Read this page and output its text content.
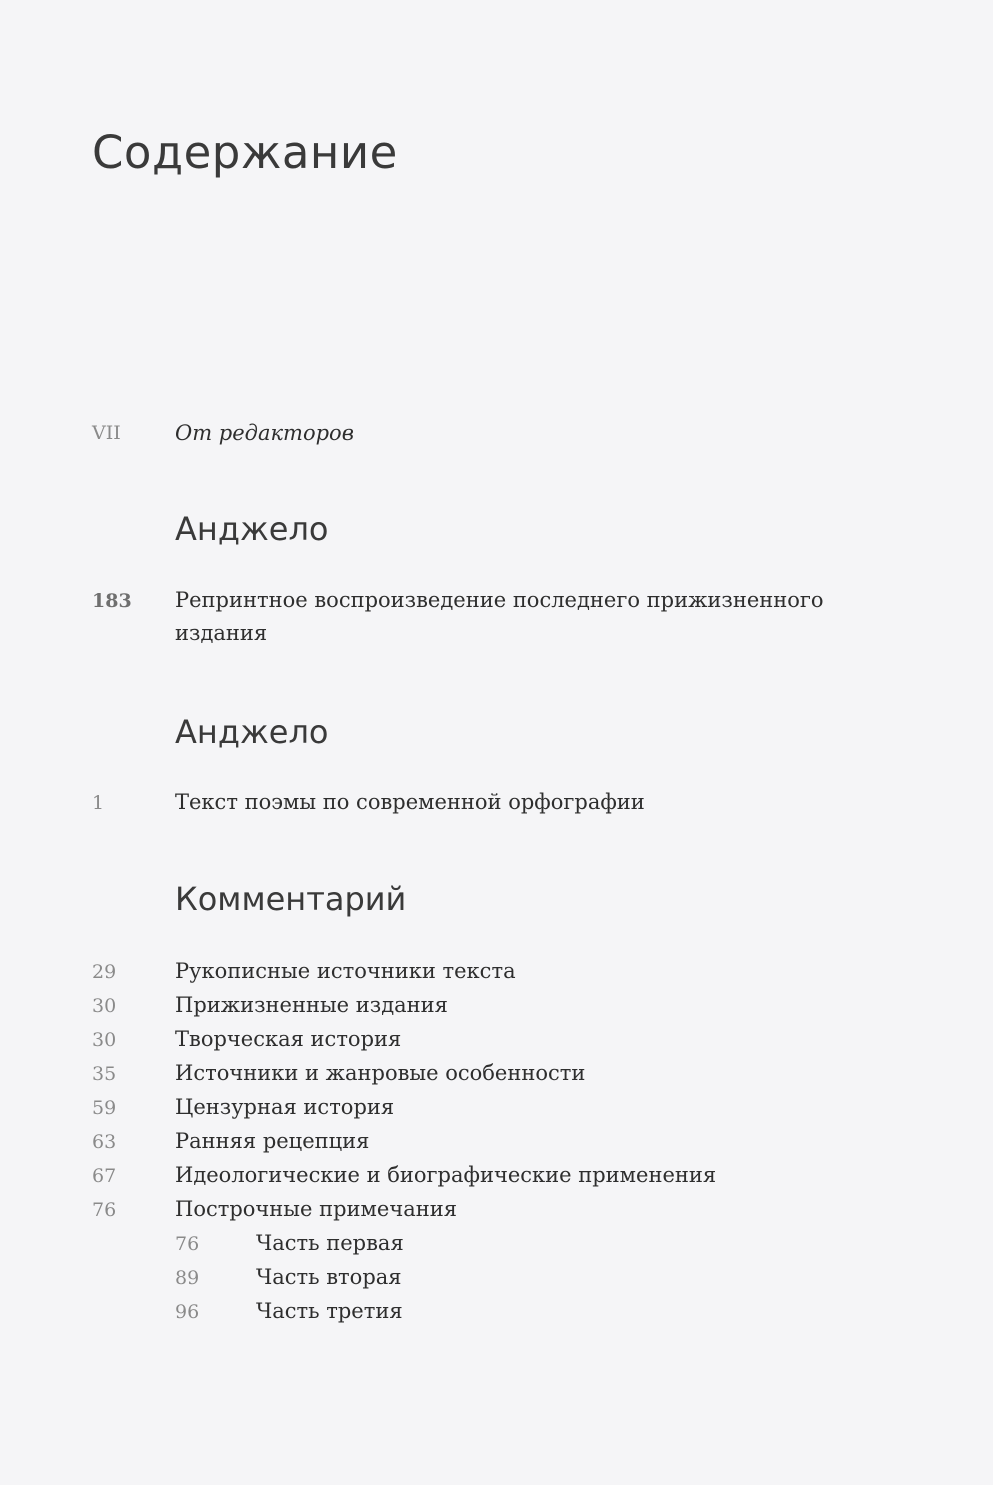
Содержание
VII	От редакторов
Анджело
183	Репринтное воспроизведение последнего прижизненного
издания
Анджело
1	Текст поэмы по современной орфографии
Комментарий
29	Рукописные источники текста
30	Прижизненные издания
30	Творческая история
35	Источники и жанровые особенности
59	Цензурная история
63	Ранняя рецепция
67	Идеологические и биографические применения
76	Построчные примечания
76	Часть первая
89	Часть вторая
96	Часть третия
